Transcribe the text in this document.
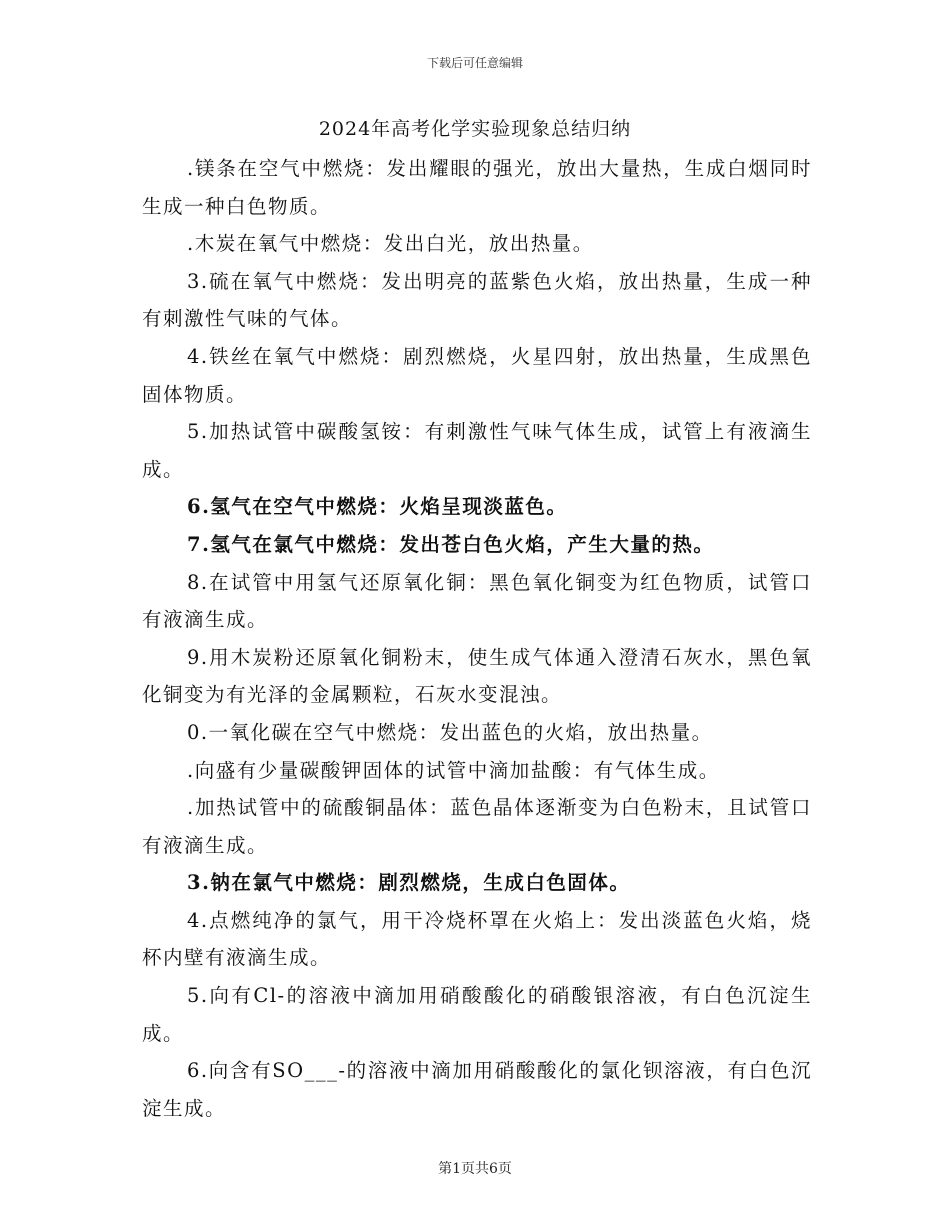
下载后可任意编辑
2024年高考化学实验现象总结归纳

.镁条在空气中燃烧：发出耀眼的强光，放出大量热，生成白烟同时生成一种白色物质。

.木炭在氧气中燃烧：发出白光，放出热量。

3.硫在氧气中燃烧：发出明亮的蓝紫色火焰，放出热量，生成一种有刺激性气味的气体。

4.铁丝在氧气中燃烧：剧烈燃烧，火星四射，放出热量，生成黑色固体物质。

5.加热试管中碳酸氢铵：有刺激性气味气体生成，试管上有液滴生成。

6.氢气在空气中燃烧：火焰呈现淡蓝色。

7.氢气在氯气中燃烧：发出苍白色火焰，产生大量的热。

8.在试管中用氢气还原氧化铜：黑色氧化铜变为红色物质，试管口有液滴生成。

9.用木炭粉还原氧化铜粉末，使生成气体通入澄清石灰水，黑色氧化铜变为有光泽的金属颗粒，石灰水变混浊。

0.一氧化碳在空气中燃烧：发出蓝色的火焰，放出热量。

.向盛有少量碳酸钾固体的试管中滴加盐酸：有气体生成。

.加热试管中的硫酸铜晶体：蓝色晶体逐渐变为白色粉末，且试管口有液滴生成。

3.钠在氯气中燃烧：剧烈燃烧，生成白色固体。

4.点燃纯净的氯气，用干冷烧杯罩在火焰上：发出淡蓝色火焰，烧杯内壁有液滴生成。

5.向有Cl-的溶液中滴加用硝酸酸化的硝酸银溶液，有白色沉淀生成。

6.向含有SO___-的溶液中滴加用硝酸酸化的氯化钡溶液，有白色沉淀生成。

第1页共6页
